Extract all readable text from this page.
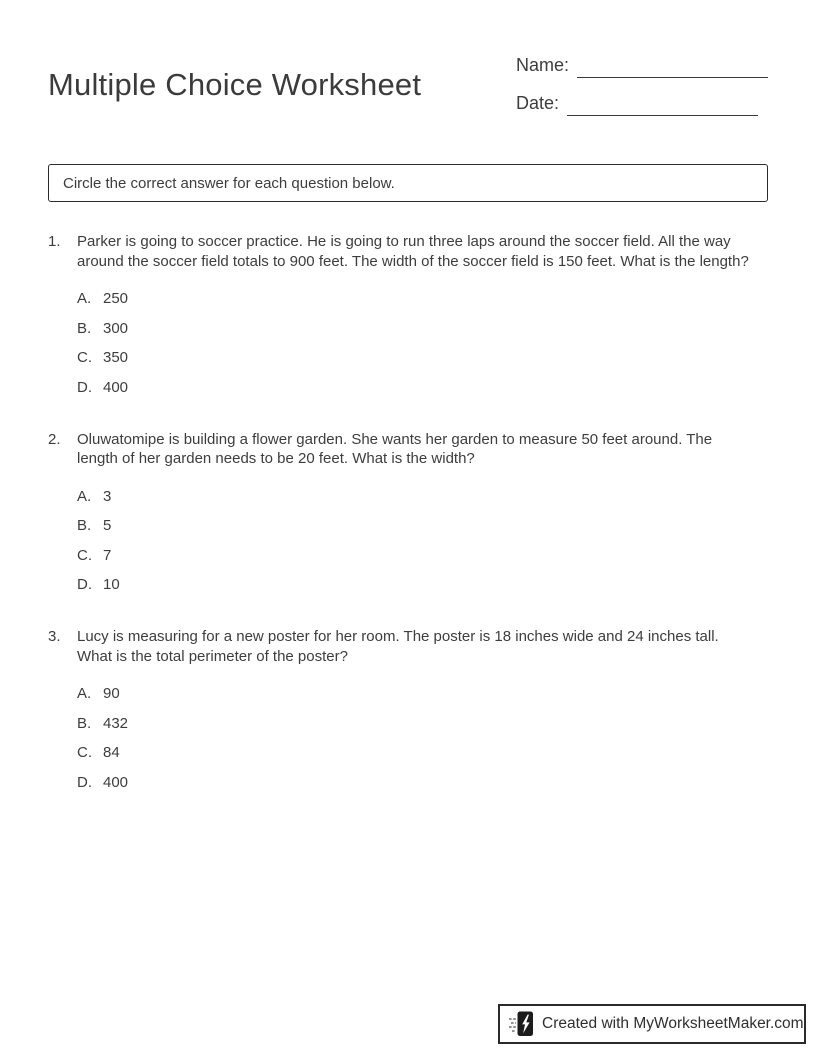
Multiple Choice Worksheet
Name:
Date:
Circle the correct answer for each question below.
1.	Parker is going to soccer practice. He is going to run three laps around the soccer field. All the way around the soccer field totals to 900 feet. The width of the soccer field is 150 feet. What is the length?
A. 250
B. 300
C. 350
D. 400
2.	Oluwatomipe is building a flower garden. She wants her garden to measure 50 feet around. The length of her garden needs to be 20 feet. What is the width?
A. 3
B. 5
C. 7
D. 10
3.	Lucy is measuring for a new poster for her room. The poster is 18 inches wide and 24 inches tall. What is the total perimeter of the poster?
A. 90
B. 432
C. 84
D. 400
Created with MyWorksheetMaker.com
